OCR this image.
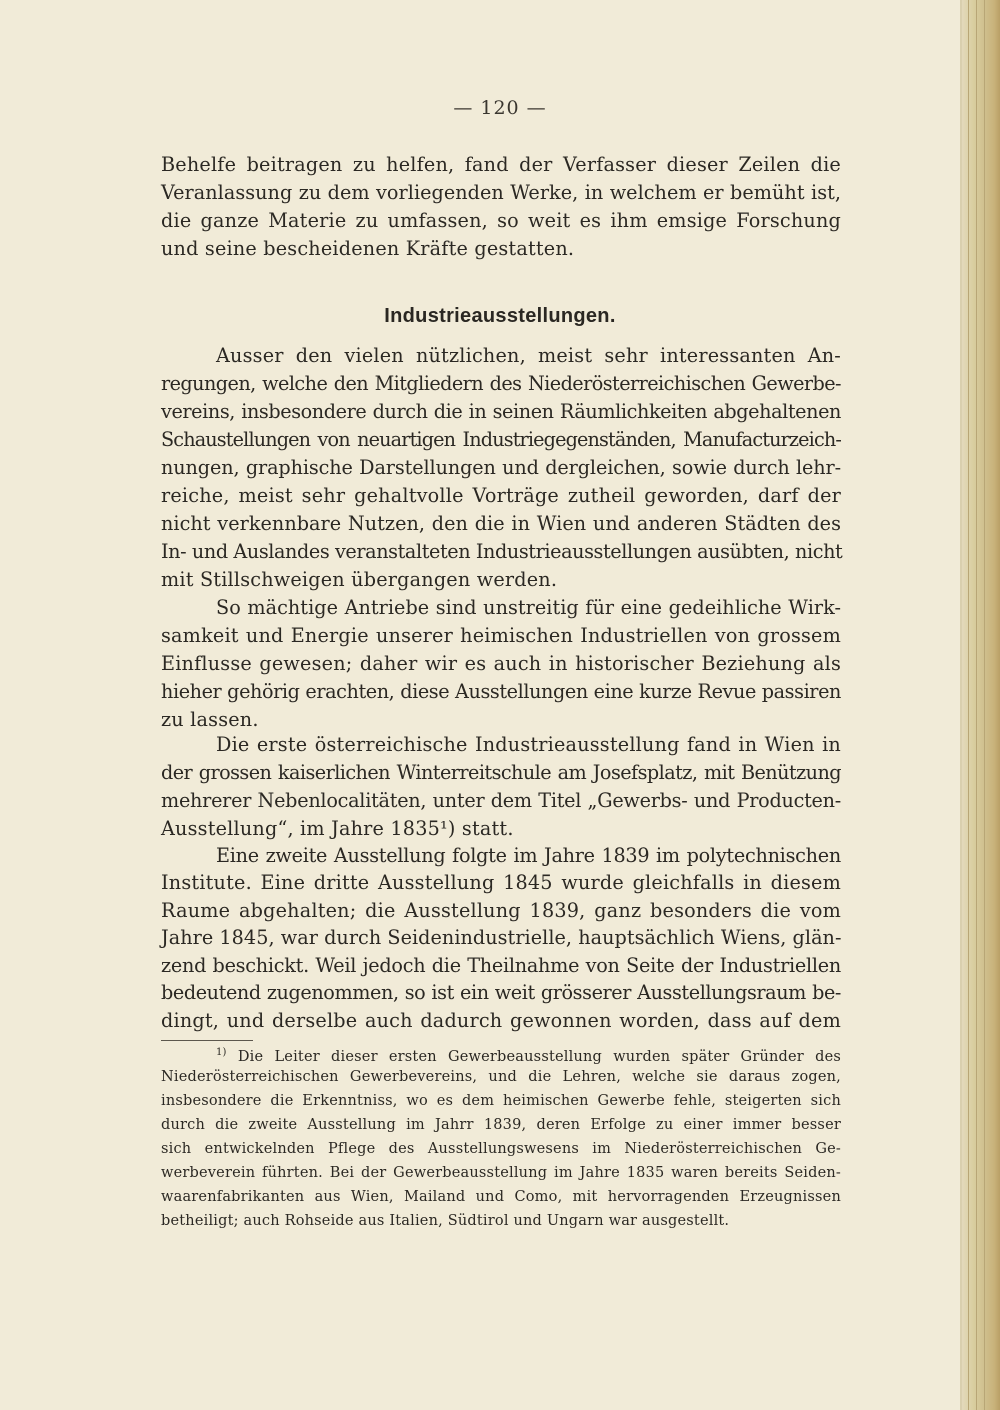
— 120 —
Behelfe beitragen zu helfen, fand der Verfasser dieser Zeilen die
Veranlassung zu dem vorliegenden Werke, in welchem er bemüht ist,
die ganze Materie zu umfassen, so weit es ihm emsige Forschung
und seine bescheidenen Kräfte gestatten.
Industrieausstellungen.
Ausser den vielen nützlichen, meist sehr interessanten An-
regungen, welche den Mitgliedern des Niederösterreichischen Gewerbe-
vereins, insbesondere durch die in seinen Räumlichkeiten abgehaltenen
Schaustellungen von neuartigen Industriegegenständen, Manufacturzeich-
nungen, graphische Darstellungen und dergleichen, sowie durch lehr-
reiche, meist sehr gehaltvolle Vorträge zutheil geworden, darf der
nicht verkennbare Nutzen, den die in Wien und anderen Städten des
In- und Auslandes veranstalteten Industrieausstellungen ausübten, nicht
mit Stillschweigen übergangen werden.
So mächtige Antriebe sind unstreitig für eine gedeihliche Wirk-
samkeit und Energie unserer heimischen Industriellen von grossem
Einflusse gewesen; daher wir es auch in historischer Beziehung als
hieher gehörig erachten, diese Ausstellungen eine kurze Revue passiren
zu lassen.
Die erste österreichische Industrieausstellung fand in Wien in
der grossen kaiserlichen Winterreitschule am Josefsplatz, mit Benützung
mehrerer Nebenlocalitäten, unter dem Titel „Gewerbs- und Producten-
Ausstellung“, im Jahre 1835¹) statt.
Eine zweite Ausstellung folgte im Jahre 1839 im polytechnischen
Institute. Eine dritte Ausstellung 1845 wurde gleichfalls in diesem
Raume abgehalten; die Ausstellung 1839, ganz besonders die vom
Jahre 1845, war durch Seidenindustrielle, hauptsächlich Wiens, glän-
zend beschickt. Weil jedoch die Theilnahme von Seite der Industriellen
bedeutend zugenommen, so ist ein weit grösserer Ausstellungsraum be-
dingt, und derselbe auch dadurch gewonnen worden, dass auf dem
$^{1)}$ Die Leiter dieser ersten Gewerbeausstellung wurden später Gründer des
Niederösterreichischen Gewerbevereins, und die Lehren, welche sie daraus zogen,
insbesondere die Erkenntniss, wo es dem heimischen Gewerbe fehle, steigerten sich
durch die zweite Ausstellung im Jahrr 1839, deren Erfolge zu einer immer besser
sich entwickelnden Pflege des Ausstellungswesens im Niederösterreichischen Ge-
werbeverein führten. Bei der Gewerbeausstellung im Jahre 1835 waren bereits Seiden-
waarenfabrikanten aus Wien, Mailand und Como, mit hervorragenden Erzeugnissen
betheiligt; auch Rohseide aus Italien, Südtirol und Ungarn war ausgestellt.
